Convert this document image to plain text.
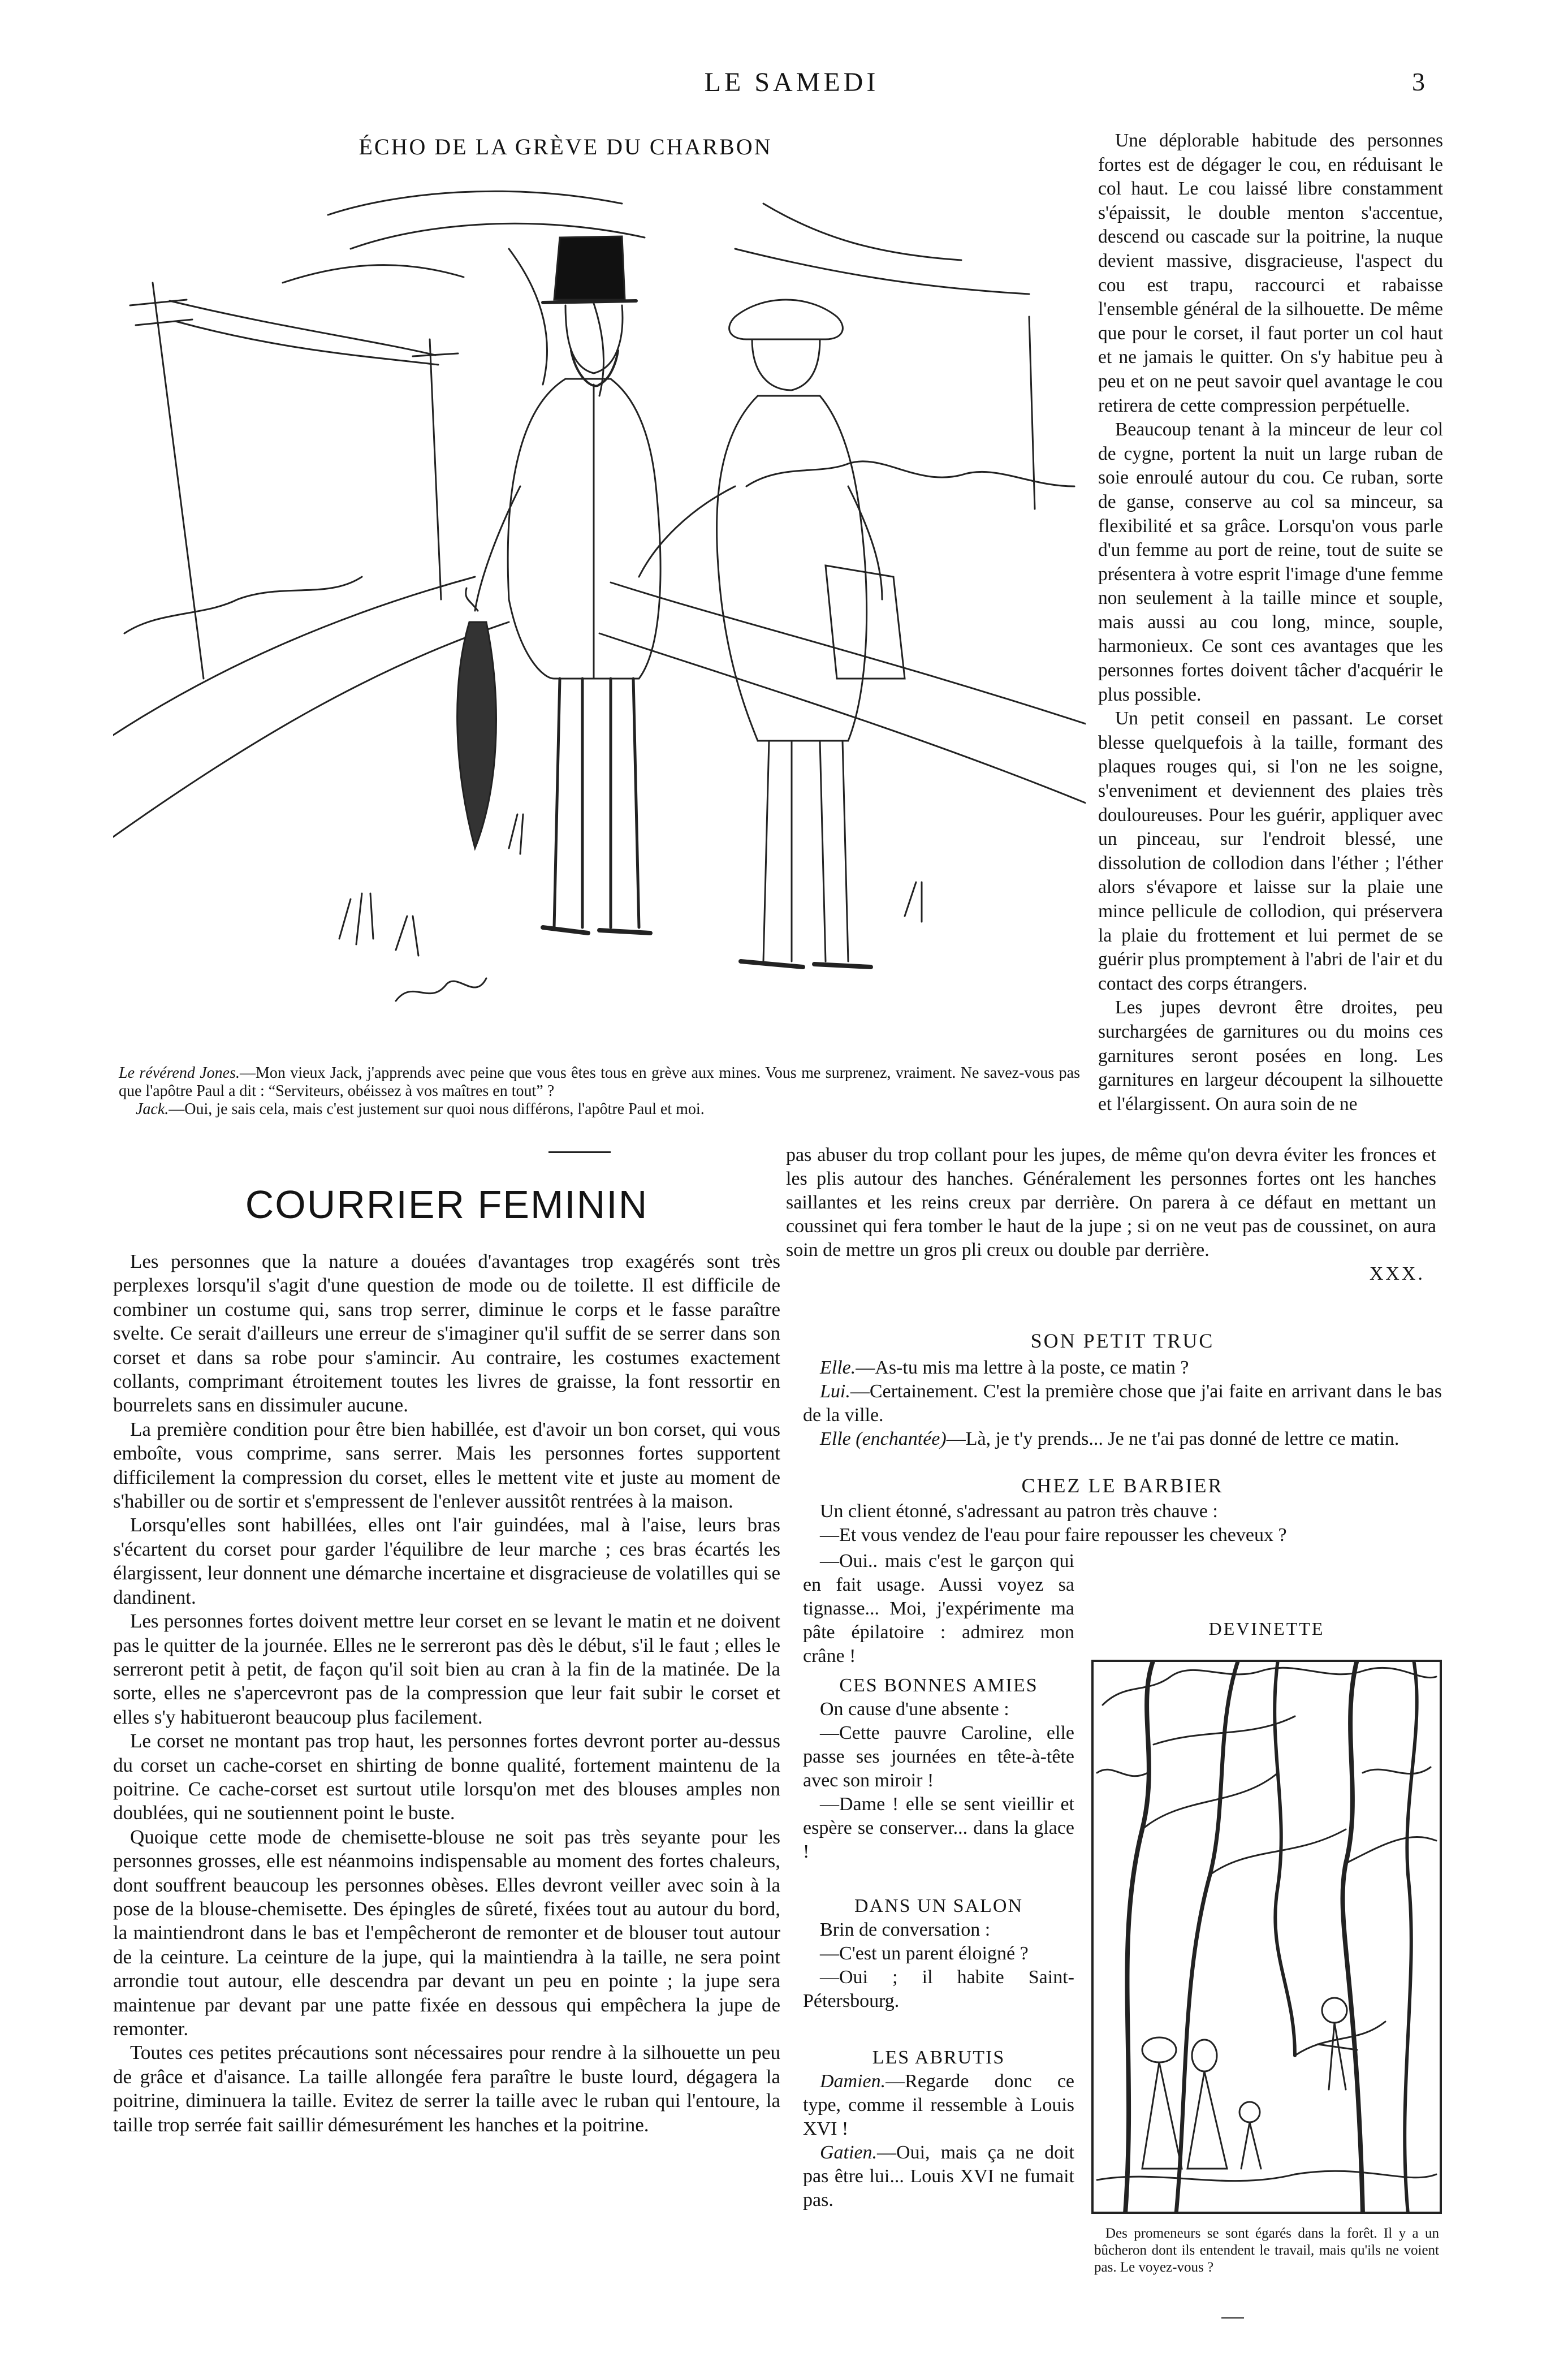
LE SAMEDI	3
ÉCHO DE LA GRÈVE DU CHARBON
Le révérend Jones.—Mon vieux Jack, j'apprends avec peine que vous êtes tous en grève aux mines. Vous me surprenez, vraiment. Ne savez-vous pas que l'apôtre Paul a dit : “Serviteurs, obéissez à vos maîtres en tout” ?
Jack.—Oui, je sais cela, mais c'est justement sur quoi nous différons, l'apôtre Paul et moi.

Une déplorable habitude des personnes fortes est de dégager le cou, en réduisant le col haut. Le cou laissé libre constamment s'épaissit, le double menton s'accentue, descend ou cascade sur la poitrine, la nuque devient massive, disgracieuse, l'aspect du cou est trapu, raccourci et rabaisse l'ensemble général de la silhouette. De même que pour le corset, il faut porter un col haut et ne jamais le quitter. On s'y habitue peu à peu et on ne peut savoir quel avantage le cou retirera de cette compression perpétuelle.

Beaucoup tenant à la minceur de leur col de cygne, portent la nuit un large ruban de soie enroulé autour du cou. Ce ruban, sorte de ganse, conserve au col sa minceur, sa flexibilité et sa grâce. Lorsqu'on vous parle d'un femme au port de reine, tout de suite se présentera à votre esprit l'image d'une femme non seulement à la taille mince et souple, mais aussi au cou long, mince, souple, harmonieux. Ce sont ces avantages que les personnes fortes doivent tâcher d'acquérir le plus possible.

Un petit conseil en passant. Le corset blesse quelquefois à la taille, formant des plaques rouges qui, si l'on ne les soigne, s'enveniment et deviennent des plaies très douloureuses. Pour les guérir, appliquer avec un pinceau, sur l'endroit blessé, une dissolution de collodion dans l'éther ; l'éther alors s'évapore et laisse sur la plaie une mince pellicule de collodion, qui préservera la plaie du frottement et lui permet de se guérir plus promptement à l'abri de l'air et du contact des corps étrangers.

Les jupes devront être droites, peu surchargées de garnitures ou du moins ces garnitures seront posées en long. Les garnitures en largeur découpent la silhouette et l'élargissent. On aura soin de ne

pas abuser du trop collant pour les jupes, de même qu'on devra éviter les fronces et les plis autour des hanches. Généralement les personnes fortes ont les hanches saillantes et les reins creux par derrière. On parera à ce défaut en mettant un coussinet qui fera tomber le haut de la jupe ; si on ne veut pas de coussinet, on aura soin de mettre un gros pli creux ou double par derrière.

XXX.
COURRIER FEMININ

Les personnes que la nature a douées d'avantages trop exagérés sont très perplexes lorsqu'il s'agit d'une question de mode ou de toilette. Il est difficile de combiner un costume qui, sans trop serrer, diminue le corps et le fasse paraître svelte. Ce serait d'ailleurs une erreur de s'imaginer qu'il suffit de se serrer dans son corset et dans sa robe pour s'amincir. Au contraire, les costumes exactement collants, comprimant étroitement toutes les livres de graisse, la font ressortir en bourrelets sans en dissimuler aucune.

La première condition pour être bien habillée, est d'avoir un bon corset, qui vous emboîte, vous comprime, sans serrer. Mais les personnes fortes supportent difficilement la compression du corset, elles le mettent vite et juste au moment de s'habiller ou de sortir et s'empressent de l'enlever aussitôt rentrées à la maison.

Lorsqu'elles sont habillées, elles ont l'air guindées, mal à l'aise, leurs bras s'écartent du corset pour garder l'équilibre de leur marche ; ces bras écartés les élargissent, leur donnent une démarche incertaine et disgracieuse de volatilles qui se dandinent.

Les personnes fortes doivent mettre leur corset en se levant le matin et ne doivent pas le quitter de la journée. Elles ne le serreront pas dès le début, s'il le faut ; elles le serreront petit à petit, de façon qu'il soit bien au cran à la fin de la matinée. De la sorte, elles ne s'apercevront pas de la compression que leur fait subir le corset et elles s'y habitueront beaucoup plus facilement.

Le corset ne montant pas trop haut, les personnes fortes devront porter au-dessus du corset un cache-corset en shirting de bonne qualité, fortement maintenu de la poitrine. Ce cache-corset est surtout utile lorsqu'on met des blouses amples non doublées, qui ne soutiennent point le buste.

Quoique cette mode de chemisette-blouse ne soit pas très seyante pour les personnes grosses, elle est néanmoins indispensable au moment des fortes chaleurs, dont souffrent beaucoup les personnes obèses. Elles devront veiller avec soin à la pose de la blouse-chemisette. Des épingles de sûreté, fixées tout au autour du bord, la maintiendront dans le bas et l'empêcheront de remonter et de blouser tout autour de la ceinture. La ceinture de la jupe, qui la maintiendra à la taille, ne sera point arrondie tout autour, elle descendra par devant un peu en pointe ; la jupe sera maintenue par devant par une patte fixée en dessous qui empêchera la jupe de remonter.

Toutes ces petites précautions sont nécessaires pour rendre à la silhouette un peu de grâce et d'aisance. La taille allongée fera paraître le buste lourd, dégagera la poitrine, diminuera la taille. Evitez de serrer la taille avec le ruban qui l'entoure, la taille trop serrée fait saillir démesurément les hanches et la poitrine.

SON PETIT TRUC

Elle.—As-tu mis ma lettre à la poste, ce matin ?

Lui.—Certainement. C'est la première chose que j'ai faite en arrivant dans le bas de la ville.

Elle (enchantée)—Là, je t'y prends... Je ne t'ai pas donné de lettre ce matin.

CHEZ LE BARBIER

Un client étonné, s'adressant au patron très chauve :

—Et vous vendez de l'eau pour faire repousser les cheveux ?

—Oui.. mais c'est le garçon qui en fait usage. Aussi voyez sa tignasse... Moi, j'expérimente ma pâte épilatoire : admirez mon crâne !

CES BONNES AMIES

On cause d'une absente :

—Cette pauvre Caroline, elle passe ses journées en tête-à-tête avec son miroir !

—Dame ! elle se sent vieillir et espère se conserver... dans la glace !

DANS UN SALON

Brin de conversation :

—C'est un parent éloigné ?

—Oui ; il habite Saint-Pétersbourg.

LES ABRUTIS

Damien.—Regarde donc ce type, comme il ressemble à Louis XVI !

Gatien.—Oui, mais ça ne doit pas être lui... Louis XVI ne fumait pas.

DEVINETTE
Des promeneurs se sont égarés dans la forêt. Il y a un bûcheron dont ils entendent le travail, mais qu'ils ne voient pas. Le voyez-vous ?
